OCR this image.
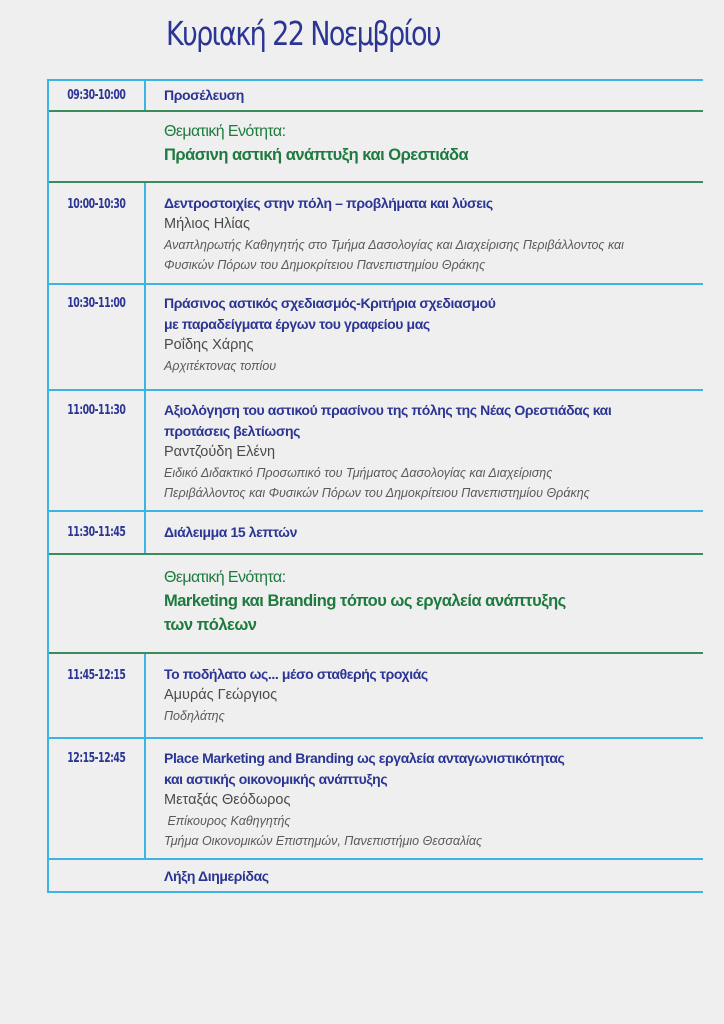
Κυριακή 22 Νοεμβρίου
09:30-10:00	Προσέλευση
Θεματική Ενότητα:
Πράσινη αστική ανάπτυξη και Ορεστιάδα
10:00-10:30	Δεντροστοιχίες στην πόλη – προβλήματα και λύσεις
Μήλιος Ηλίας
Αναπληρωτής Καθηγητής στο Τμήμα Δασολογίας και Διαχείρισης Περιβάλλοντος και
Φυσικών Πόρων του Δημοκρίτειου Πανεπιστημίου Θράκης
10:30-11:00	Πράσινος αστικός σχεδιασμός-Κριτήρια σχεδιασμού
με παραδείγματα έργων του γραφείου μας
Ροΐδης Χάρης
Αρχιτέκτονας τοπίου
11:00-11:30	Αξιολόγηση του αστικού πρασίνου της πόλης της Νέας Ορεστιάδας και
προτάσεις βελτίωσης
Ραντζούδη Ελένη
Ειδικό Διδακτικό Προσωπικό του Τμήματος Δασολογίας και Διαχείρισης
Περιβάλλοντος και Φυσικών Πόρων του Δημοκρίτειου Πανεπιστημίου Θράκης
11:30-11:45	Διάλειμμα 15 λεπτών
Θεματική Ενότητα:
Marketing και Branding τόπου ως εργαλεία ανάπτυξης
των πόλεων
11:45-12:15	Το ποδήλατο ως... μέσο σταθερής τροχιάς
Αμυράς Γεώργιος
Ποδηλάτης
12:15-12:45	Place Marketing and Branding ως εργαλεία ανταγωνιστικότητας
και αστικής οικονομικής ανάπτυξης
Μεταξάς Θεόδωρος
Επίκουρος Καθηγητής
Τμήμα Οικονομικών Επιστημών, Πανεπιστήμιο Θεσσαλίας
Λήξη Διημερίδας
